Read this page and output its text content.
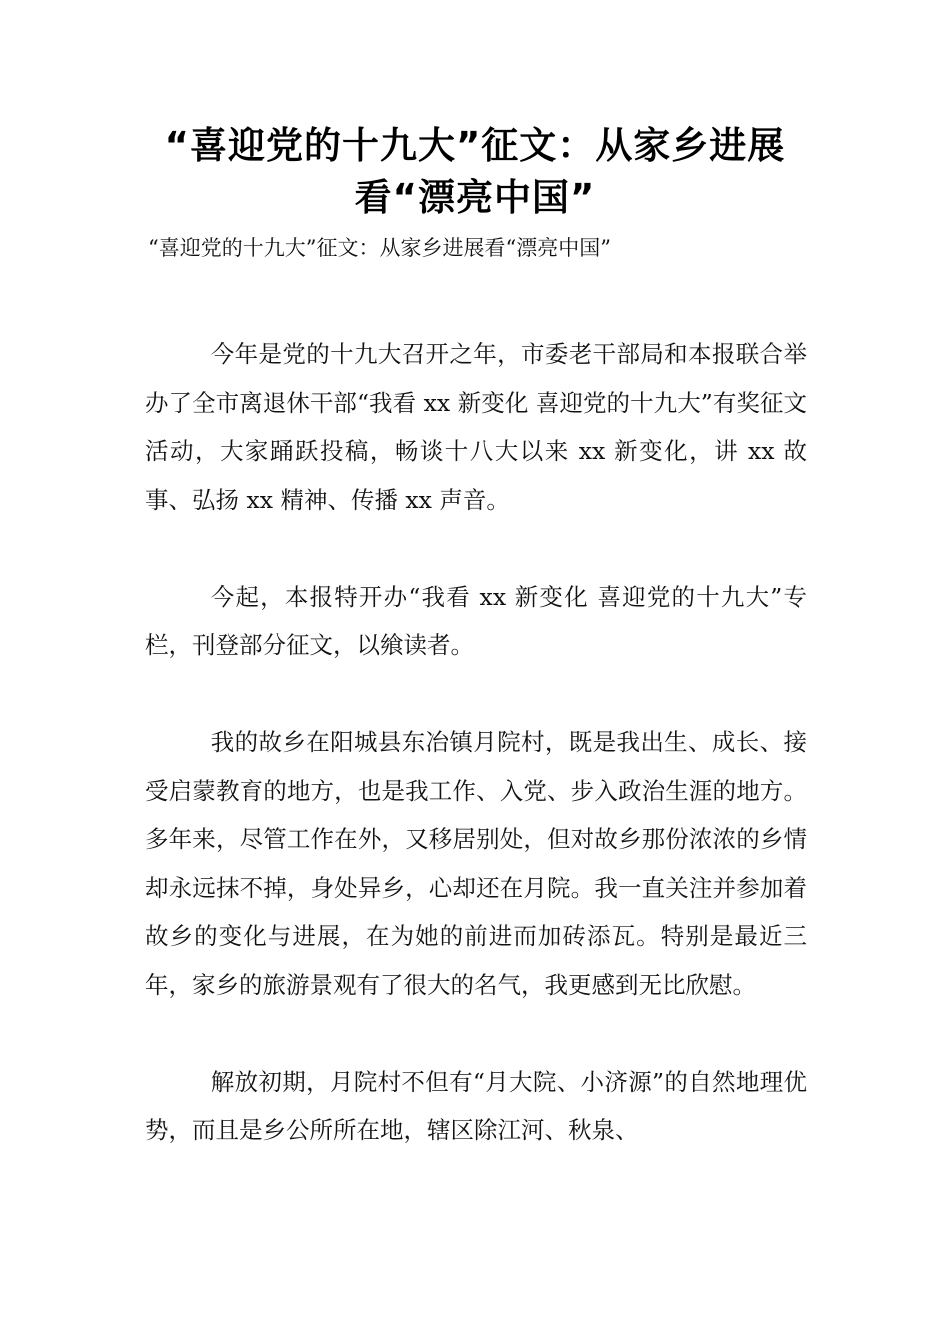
“喜迎党的十九大”征文：从家乡进展看“漂亮中国”
“喜迎党的十九大”征文：从家乡进展看“漂亮中国”

今年是党的十九大召开之年，市委老干部局和本报联合举办了全市离退休干部“我看 xx 新变化 喜迎党的十九大”有奖征文活动，大家踊跃投稿，畅谈十八大以来 xx 新变化，讲 xx 故事、弘扬 xx 精神、传播 xx 声音。

今起，本报特开办“我看 xx 新变化 喜迎党的十九大”专栏，刊登部分征文，以飨读者。

我的故乡在阳城县东冶镇月院村，既是我出生、成长、接受启蒙教育的地方，也是我工作、入党、步入政治生涯的地方。多年来，尽管工作在外，又移居别处，但对故乡那份浓浓的乡情却永远抹不掉，身处异乡，心却还在月院。我一直关注并参加着故乡的变化与进展，在为她的前进而加砖添瓦。特别是最近三年，家乡的旅游景观有了很大的名气，我更感到无比欣慰。

解放初期，月院村不但有“月大院、小济源”的自然地理优势，而且是乡公所所在地，辖区除江河、秋泉、
